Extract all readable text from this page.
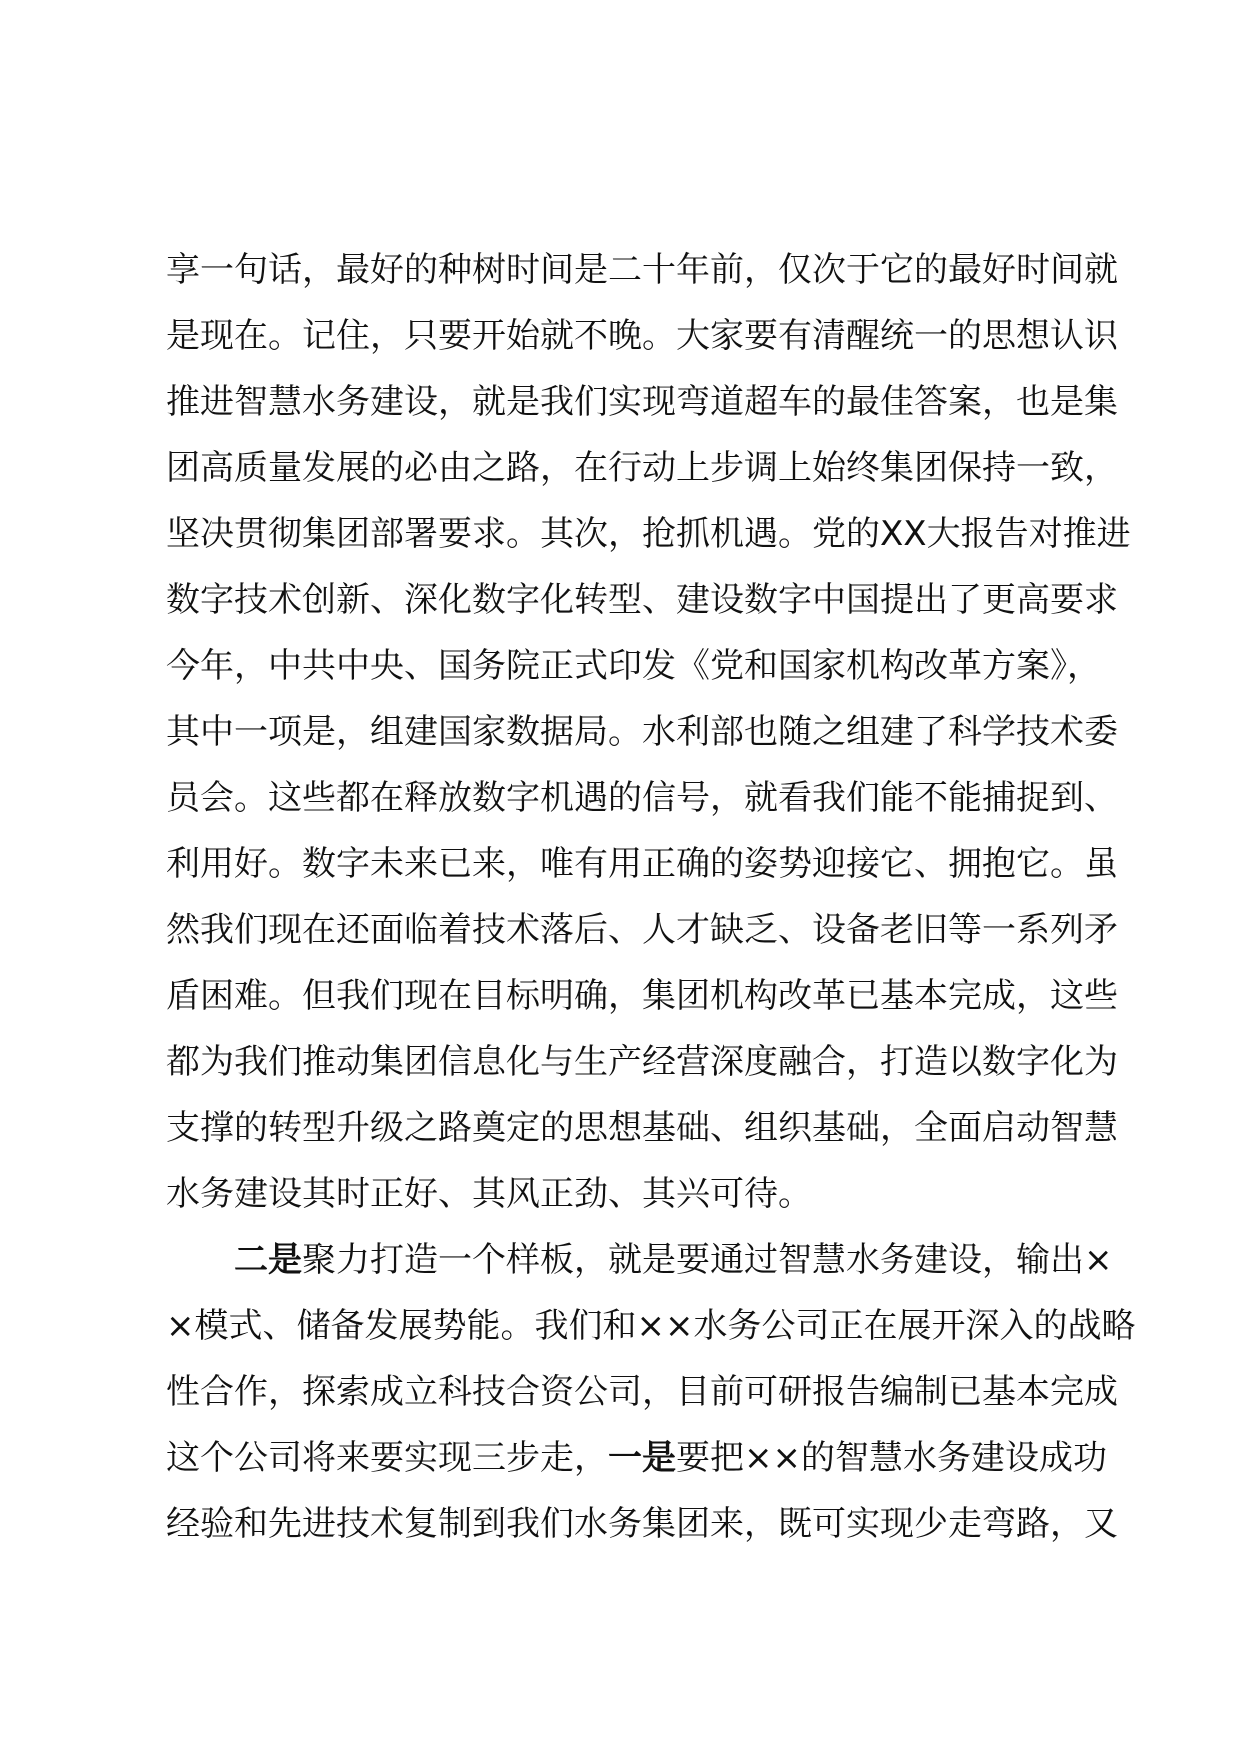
享一句话，最好的种树时间是二十年前，仅次于它的最好时间就
是现在。记住，只要开始就不晚。大家要有清醒统一的思想认识
推进智慧水务建设，就是我们实现弯道超车的最佳答案，也是集
团高质量发展的必由之路，在行动上步调上始终集团保持一致，
坚决贯彻集团部署要求。其次，抢抓机遇。党的XX大报告对推进
数字技术创新、深化数字化转型、建设数字中国提出了更高要求
今年，中共中央、国务院正式印发《党和国家机构改革方案》，
其中一项是，组建国家数据局。水利部也随之组建了科学技术委
员会。这些都在释放数字机遇的信号，就看我们能不能捕捉到、
利用好。数字未来已来，唯有用正确的姿势迎接它、拥抱它。虽
然我们现在还面临着技术落后、人才缺乏、设备老旧等一系列矛
盾困难。但我们现在目标明确，集团机构改革已基本完成，这些
都为我们推动集团信息化与生产经营深度融合，打造以数字化为
支撑的转型升级之路奠定的思想基础、组织基础，全面启动智慧
水务建设其时正好、其风正劲、其兴可待。
二是聚力打造一个样板，就是要通过智慧水务建设，输出×
×模式、储备发展势能。我们和××水务公司正在展开深入的战略
性合作，探索成立科技合资公司，目前可研报告编制已基本完成
这个公司将来要实现三步走，一是要把××的智慧水务建设成功
经验和先进技术复制到我们水务集团来，既可实现少走弯路，又
